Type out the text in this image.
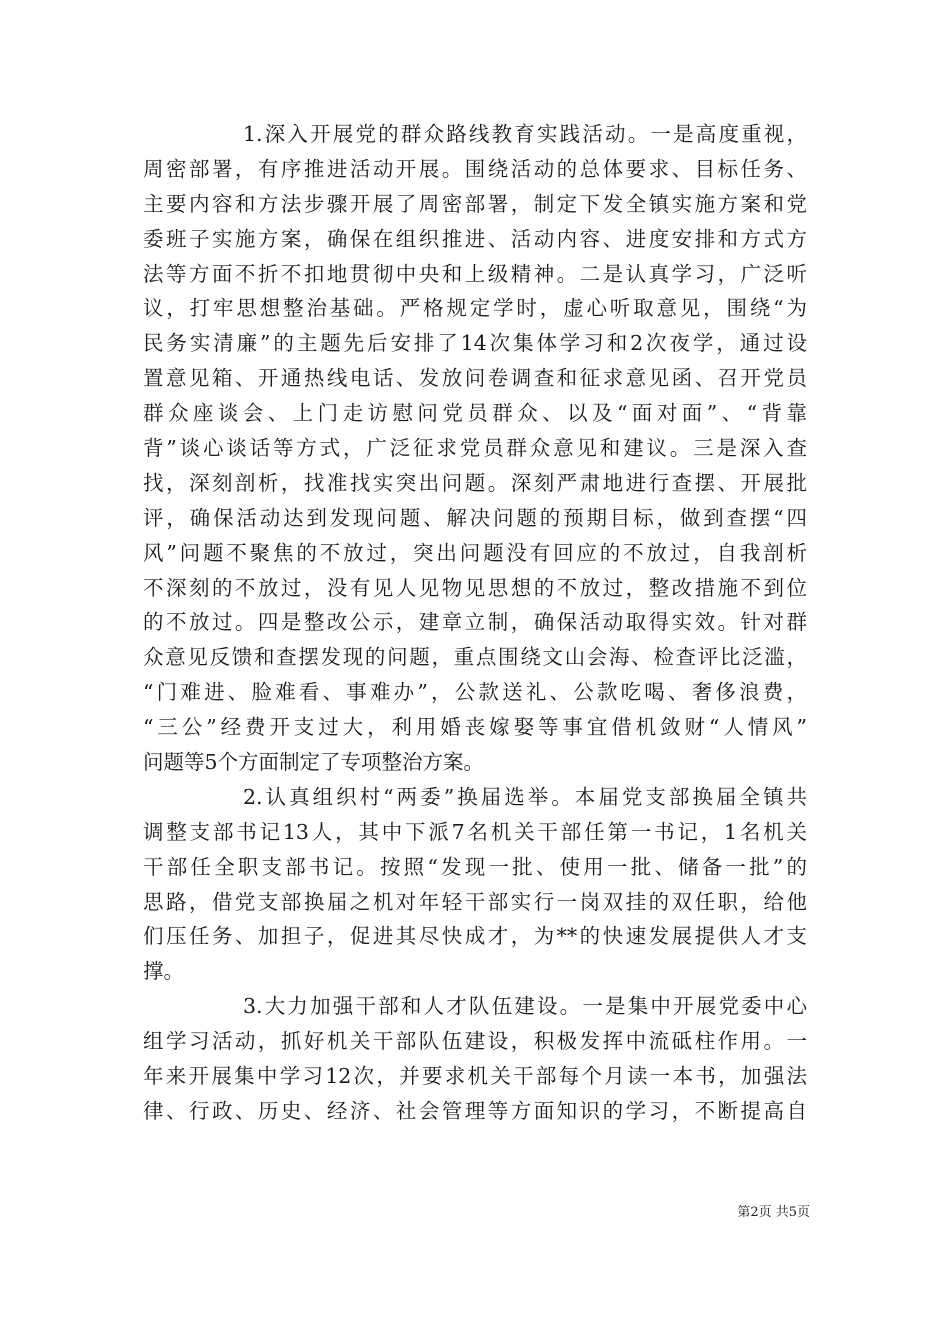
1.深入开展党的群众路线教育实践活动。一是高度重视，
周密部署，有序推进活动开展。围绕活动的总体要求、目标任务、
主要内容和方法步骤开展了周密部署，制定下发全镇实施方案和党
委班子实施方案，确保在组织推进、活动内容、进度安排和方式方
法等方面不折不扣地贯彻中央和上级精神。二是认真学习，广泛听
议，打牢思想整治基础。严格规定学时，虚心听取意见，围绕“为
民务实清廉”的主题先后安排了14次集体学习和2次夜学，通过设
置意见箱、开通热线电话、发放问卷调查和征求意见函、召开党员
群众座谈会、上门走访慰问党员群众、以及“面对面”、“背靠
背”谈心谈话等方式，广泛征求党员群众意见和建议。三是深入查
找，深刻剖析，找准找实突出问题。深刻严肃地进行查摆、开展批
评，确保活动达到发现问题、解决问题的预期目标，做到查摆“四
风”问题不聚焦的不放过，突出问题没有回应的不放过，自我剖析
不深刻的不放过，没有见人见物见思想的不放过，整改措施不到位
的不放过。四是整改公示，建章立制，确保活动取得实效。针对群
众意见反馈和查摆发现的问题，重点围绕文山会海、检查评比泛滥，
“门难进、脸难看、事难办”，公款送礼、公款吃喝、奢侈浪费，
“三公”经费开支过大，利用婚丧嫁娶等事宜借机敛财“人情风”
问题等5个方面制定了专项整治方案。
2.认真组织村“两委”换届选举。本届党支部换届全镇共
调整支部书记13人，其中下派7名机关干部任第一书记，1名机关
干部任全职支部书记。按照“发现一批、使用一批、储备一批”的
思路，借党支部换届之机对年轻干部实行一岗双挂的双任职，给他
们压任务、加担子，促进其尽快成才，为**的快速发展提供人才支
撑。
3.大力加强干部和人才队伍建设。一是集中开展党委中心
组学习活动，抓好机关干部队伍建设，积极发挥中流砥柱作用。一
年来开展集中学习12次，并要求机关干部每个月读一本书，加强法
律、行政、历史、经济、社会管理等方面知识的学习，不断提高自
第2页 共5页
